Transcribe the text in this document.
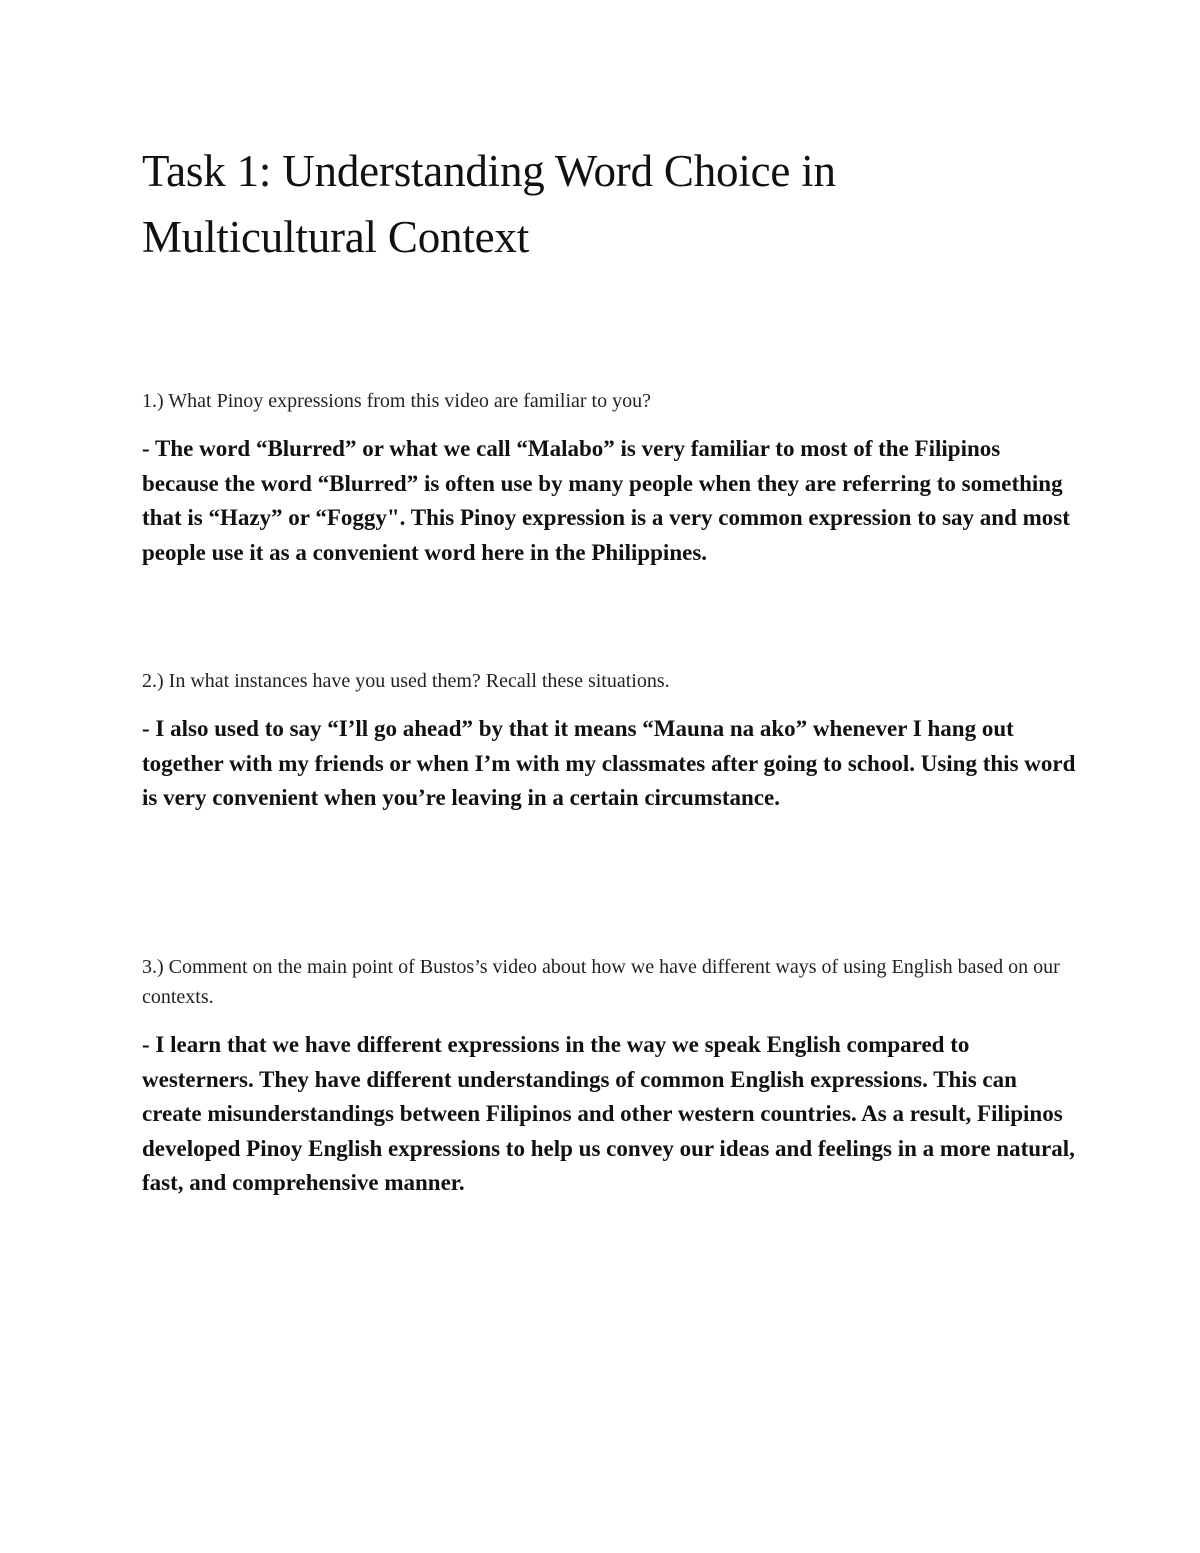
Task 1: Understanding Word Choice in Multicultural Context

1.) What Pinoy expressions from this video are familiar to you?

- The word “Blurred” or what we call “Malabo” is very familiar to most of the Filipinos because the word “Blurred” is often use by many people when they are referring to something that is “Hazy” or “Foggy". This Pinoy expression is a very common expression to say and most people use it as a convenient word here in the Philippines.

2.) In what instances have you used them? Recall these situations.

- I also used to say “I’ll go ahead” by that it means “Mauna na ako” whenever I hang out together with my friends or when I’m with my classmates after going to school. Using this word is very convenient when you’re leaving in a certain circumstance.

3.) Comment on the main point of Bustos’s video about how we have different ways of using English based on our contexts.

- I learn that we have different expressions in the way we speak English compared to westerners. They have different understandings of common English expressions. This can create misunderstandings between Filipinos and other western countries. As a result, Filipinos developed Pinoy English expressions to help us convey our ideas and feelings in a more natural, fast, and comprehensive manner.
